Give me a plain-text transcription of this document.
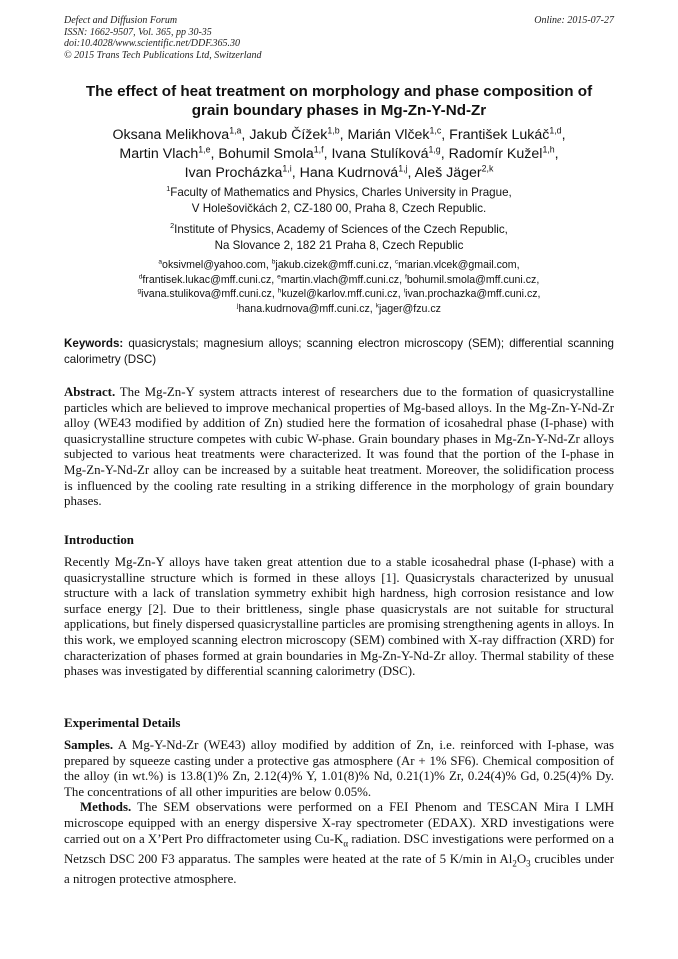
Defect and Diffusion Forum
ISSN: 1662-9507, Vol. 365, pp 30-35
doi:10.4028/www.scientific.net/DDF.365.30
© 2015 Trans Tech Publications Ltd, Switzerland
Online: 2015-07-27
The effect of heat treatment on morphology and phase composition of
grain boundary phases in Mg-Zn-Y-Nd-Zr
Oksana Melikhova$^{1,a}$, Jakub Čížek$^{1,b}$, Marián Vlček$^{1,c}$, František Lukáč$^{1,d}$,
Martin Vlach$^{1,e}$, Bohumil Smola$^{1,f}$, Ivana Stulíková$^{1,g}$, Radomír Kužel$^{1,h}$,
Ivan Procházka$^{1,i}$, Hana Kudrnová$^{1,j}$, Aleš Jäger$^{2,k}$
$^1$Faculty of Mathematics and Physics, Charles University in Prague,
V Holešovičkách 2, CZ-180 00, Praha 8, Czech Republic.
$^2$Institute of Physics, Academy of Sciences of the Czech Republic,
Na Slovance 2, 182 21 Praha 8, Czech Republic
$^a$oksivmel@yahoo.com, $^b$jakub.cizek@mff.cuni.cz, $^c$marian.vlcek@gmail.com,
$^d$frantisek.lukac@mff.cuni.cz, $^e$martin.vlach@mff.cuni.cz, $^f$bohumil.smola@mff.cuni.cz,
$^g$ivana.stulikova@mff.cuni.cz, $^h$kuzel@karlov.mff.cuni.cz, $^i$ivan.prochazka@mff.cuni.cz,
$^j$hana.kudrnova@mff.cuni.cz, $^k$jager@fzu.cz
Keywords: quasicrystals; magnesium alloys; scanning electron microscopy (SEM); differential scanning calorimetry (DSC)
Abstract. The Mg-Zn-Y system attracts interest of researchers due to the formation of quasicrystalline particles which are believed to improve mechanical properties of Mg-based alloys. In the Mg-Zn-Y-Nd-Zr alloy (WE43 modified by addition of Zn) studied here the formation of icosahedral phase (I-phase) with quasicrystalline structure competes with cubic W-phase. Grain boundary phases in Mg-Zn-Y-Nd-Zr alloys subjected to various heat treatments were characterized. It was found that the portion of the I-phase in Mg-Zn-Y-Nd-Zr alloy can be increased by a suitable heat treatment. Moreover, the solidification process is influenced by the cooling rate resulting in a striking difference in the morphology of grain boundary phases.
Introduction
Recently Mg-Zn-Y alloys have taken great attention due to a stable icosahedral phase (I-phase) with a quasicrystalline structure which is formed in these alloys [1]. Quasicrystals characterized by unusual structure with a lack of translation symmetry exhibit high hardness, high corrosion resistance and low surface energy [2]. Due to their brittleness, single phase quasicrystals are not suitable for structural applications, but finely dispersed quasicrystalline particles are promising strengthening agents in alloys. In this work, we employed scanning electron microscopy (SEM) combined with X-ray diffraction (XRD) for characterization of phases formed at grain boundaries in Mg-Zn-Y-Nd-Zr alloy. Thermal stability of these phases was investigated by differential scanning calorimetry (DSC).
Experimental Details

Samples. A Mg-Y-Nd-Zr (WE43) alloy modified by addition of Zn, i.e. reinforced with I-phase, was prepared by squeeze casting under a protective gas atmosphere (Ar + 1% SF6). Chemical composition of the alloy (in wt.%) is 13.8(1)% Zn, 2.12(4)% Y, 1.01(8)% Nd, 0.21(1)% Zr, 0.24(4)% Gd, 0.25(4)% Dy. The concentrations of all other impurities are below 0.05%.

Methods. The SEM observations were performed on a FEI Phenom and TESCAN Mira I LMH microscope equipped with an energy dispersive X-ray spectrometer (EDAX). XRD investigations were carried out on a X’Pert Pro diffractometer using $Cu-K_\alpha$ radiation. DSC investigations were performed on a Netzsch DSC 200 F3 apparatus. The samples were heated at the rate of 5 K/min in $Al_2O_3$ crucibles under a nitrogen protective atmosphere.
